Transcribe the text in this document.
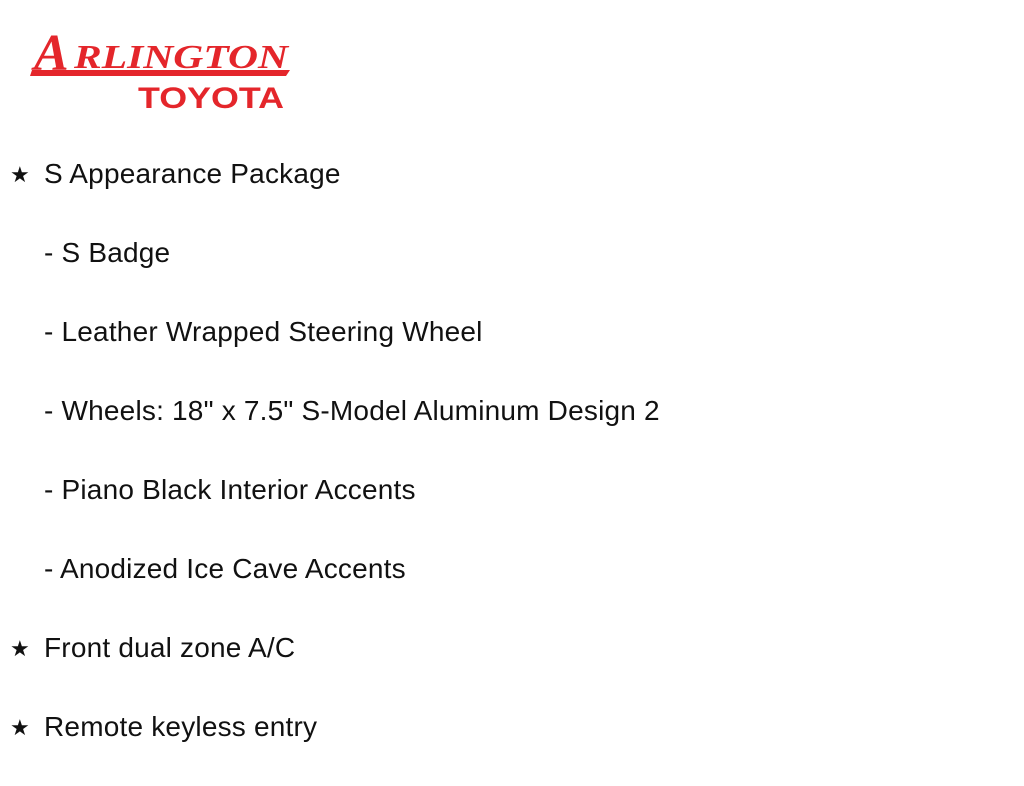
A RLINGTON
TOYOTA
★ S Appearance Package
- S Badge
- Leather Wrapped Steering Wheel
- Wheels: 18" x 7.5" S-Model Aluminum Design 2
- Piano Black Interior Accents
- Anodized Ice Cave Accents
★ Front dual zone A/C
★ Remote keyless entry
